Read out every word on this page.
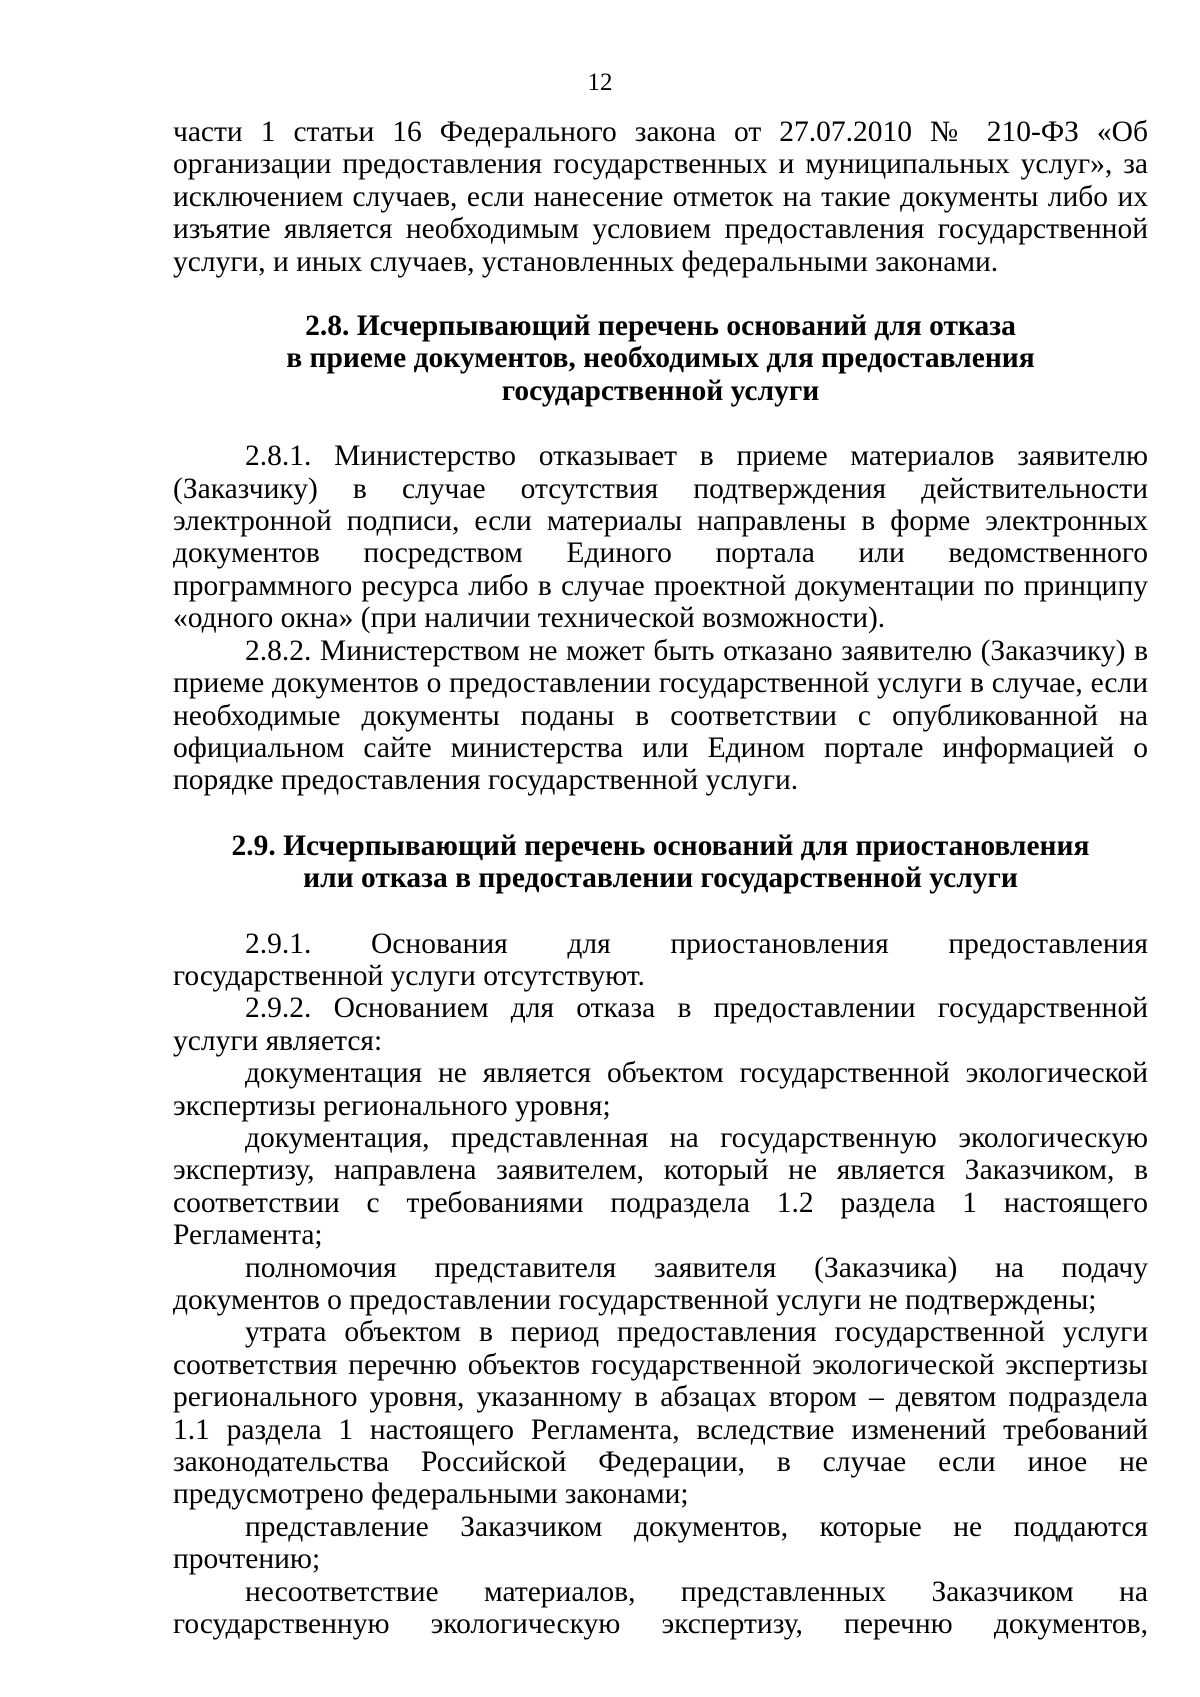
12

части 1 статьи 16 Федерального закона от 27.07.2010 № 210-ФЗ «Об организации предоставления государственных и муниципальных услуг», за исключением случаев, если нанесение отметок на такие документы либо их изъятие является необходимым условием предоставления государственной услуги, и иных случаев, установленных федеральными законами.

2.8. Исчерпывающий перечень оснований для отказа
в приеме документов, необходимых для предоставления
государственной услуги

2.8.1. Министерство отказывает в приеме материалов заявителю (Заказчику) в случае отсутствия подтверждения действительности электронной подписи, если материалы направлены в форме электронных документов посредством Единого портала или ведомственного программного ресурса либо в случае проектной документации по принципу «одного окна» (при наличии технической возможности).

2.8.2. Министерством не может быть отказано заявителю (Заказчику) в приеме документов о предоставлении государственной услуги в случае, если необходимые документы поданы в соответствии с опубликованной на официальном сайте министерства или Едином портале информацией о порядке предоставления государственной услуги.

2.9. Исчерпывающий перечень оснований для приостановления
или отказа в предоставлении государственной услуги

2.9.1. Основания для приостановления предоставления государственной услуги отсутствуют.

2.9.2. Основанием для отказа в предоставлении государственной услуги является:

документация не является объектом государственной экологической экспертизы регионального уровня;

документация, представленная на государственную экологическую экспертизу, направлена заявителем, который не является Заказчиком, в соответствии с требованиями подраздела 1.2 раздела 1 настоящего Регламента;

полномочия представителя заявителя (Заказчика) на подачу документов о предоставлении государственной услуги не подтверждены;

утрата объектом в период предоставления государственной услуги соответствия перечню объектов государственной экологической экспертизы регионального уровня, указанному в абзацах втором – девятом подраздела 1.1 раздела 1 настоящего Регламента, вследствие изменений требований законодательства Российской Федерации, в случае если иное не предусмотрено федеральными законами;

представление Заказчиком документов, которые не поддаются прочтению;

несоответствие материалов, представленных Заказчиком на государственную экологическую экспертизу, перечню документов,
